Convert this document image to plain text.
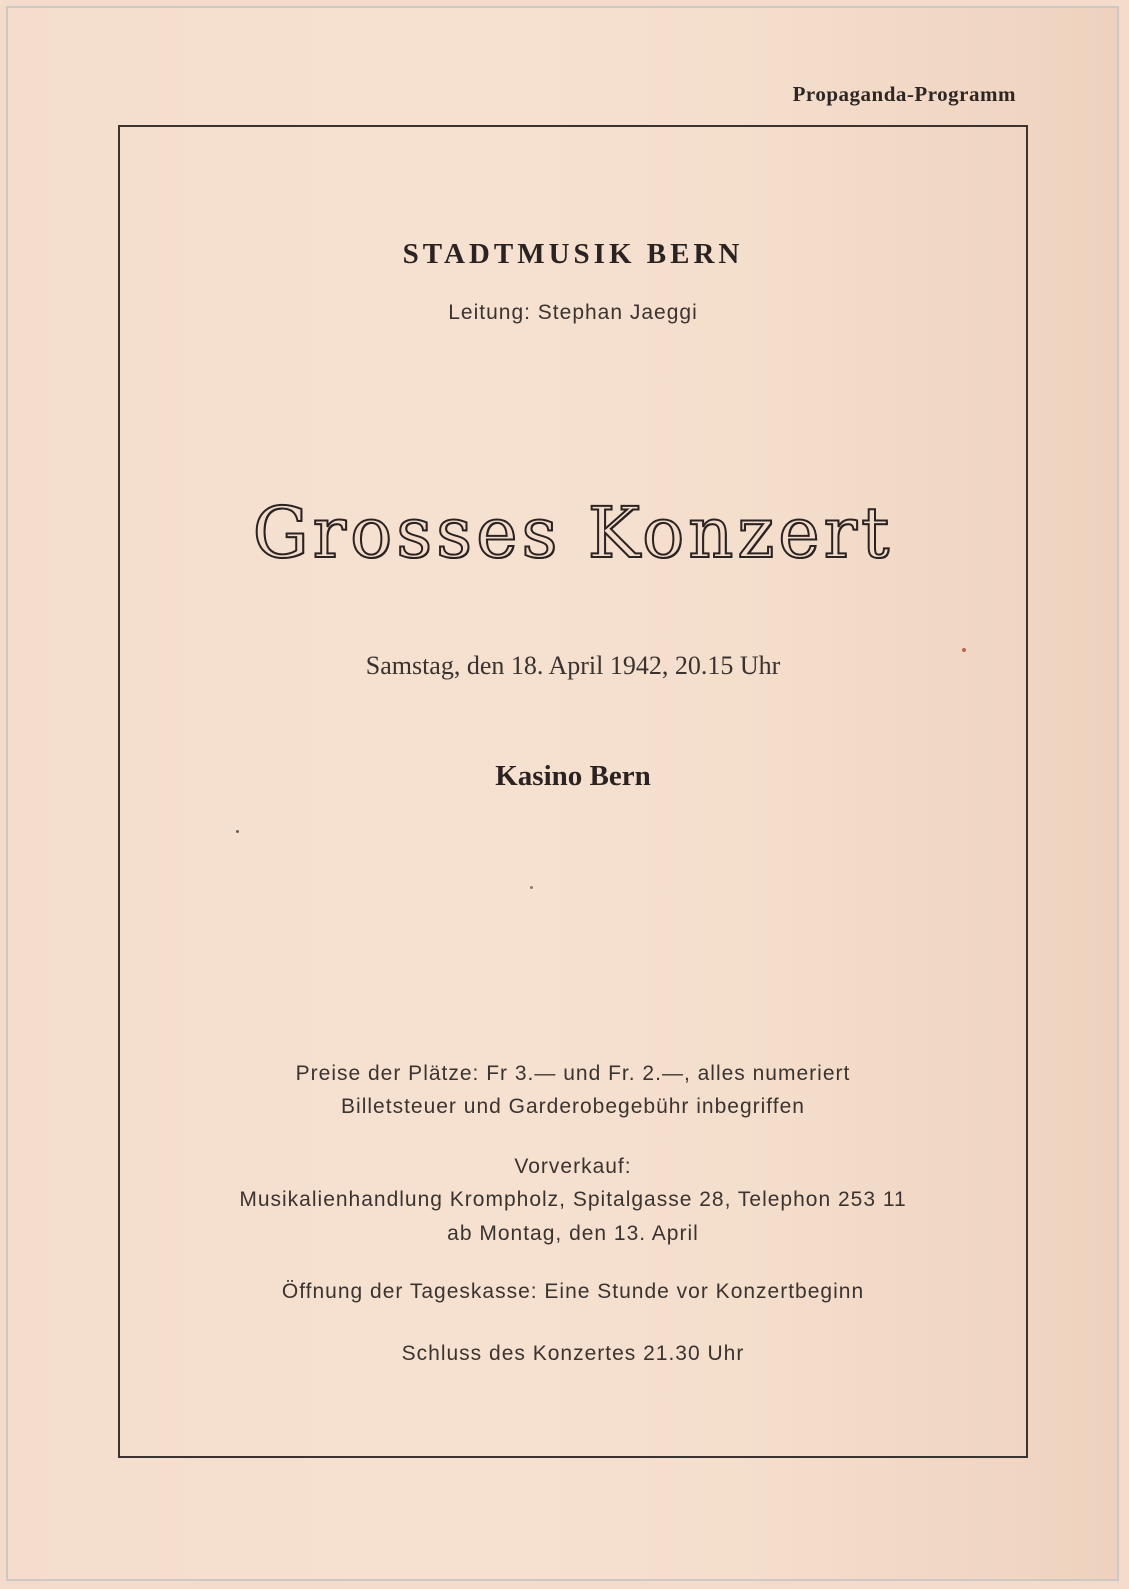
Propaganda-Programm
STADTMUSIK BERN
Leitung: Stephan Jaeggi
Grosses Konzert
Samstag, den 18. April 1942, 20.15 Uhr
Kasino Bern
Preise der Plätze: Fr 3.— und Fr. 2.—, alles numeriert
Billetsteuer und Garderobegebühr inbegriffen
Vorverkauf:
Musikalienhandlung Krompholz, Spitalgasse 28, Telephon 253 11
ab Montag, den 13. April
Öffnung der Tageskasse: Eine Stunde vor Konzertbeginn
Schluss des Konzertes 21.30 Uhr
